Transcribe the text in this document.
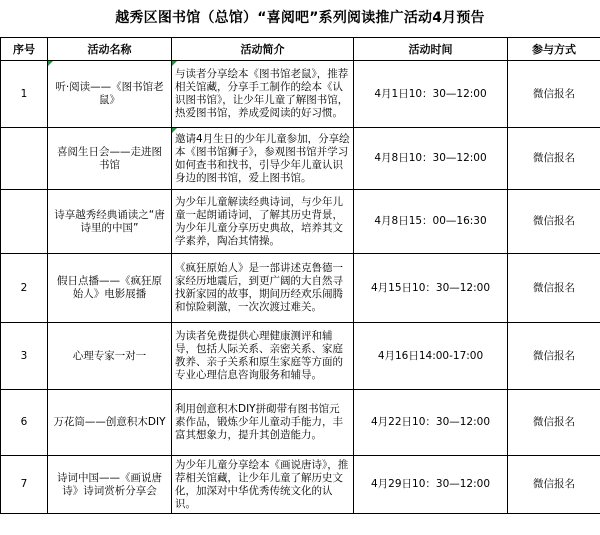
越秀区图书馆（总馆）“喜阅吧”系列阅读推广活动4月预告
序号	活动名称	活动简介	活动时间	参与方式
1	听·阅读——《图书馆老鼠》	与读者分享绘本《图书馆老鼠》，推荐相关馆藏，分享手工制作的绘本《认识图书馆》，让少年儿童了解图书馆，热爱图书馆，养成爱阅读的好习惯。	4月1日10：30—12:00	微信报名
	喜阅生日会——走进图书馆	邀请4月生日的少年儿童参加，分享绘本《图书馆狮子》，参观图书馆并学习如何查书和找书，引导少年儿童认识身边的图书馆，爱上图书馆。	4月8日10：30—12:00	微信报名
	诗享越秀经典诵读之“唐诗里的中国”	为少年儿童解读经典诗词，与少年儿童一起朗诵诗词，了解其历史背景，为少年儿童分享历史典故，培养其文学素养，陶冶其情操。	4月8日15：00—16:30	微信报名
2	假日点播——《疯狂原始人》电影展播	《疯狂原始人》是一部讲述克鲁德一家经历地震后，到更广阔的大自然寻找新家园的故事，期间历经欢乐闹腾和惊险刺激，一次次渡过难关。	4月15日10：30—12:00	微信报名
3	心理专家一对一	为读者免费提供心理健康测评和辅导，包括人际关系、亲密关系、家庭教养、亲子关系和原生家庭等方面的专业心理信息咨询服务和辅导。	4月16日14:00-17:00	微信报名
6	万花筒——创意积木DIY	利用创意积木DIY拼砌带有图书馆元素作品，锻炼少年儿童动手能力，丰富其想象力，提升其创造能力。	4月22日10：30—12:00	微信报名
7	诗词中国——《画说唐诗》诗词赏析分享会	为少年儿童分享绘本《画说唐诗》，推荐相关馆藏，让少年儿童了解历史文化，加深对中华优秀传统文化的认识。	4月29日10：30—12:00	微信报名
